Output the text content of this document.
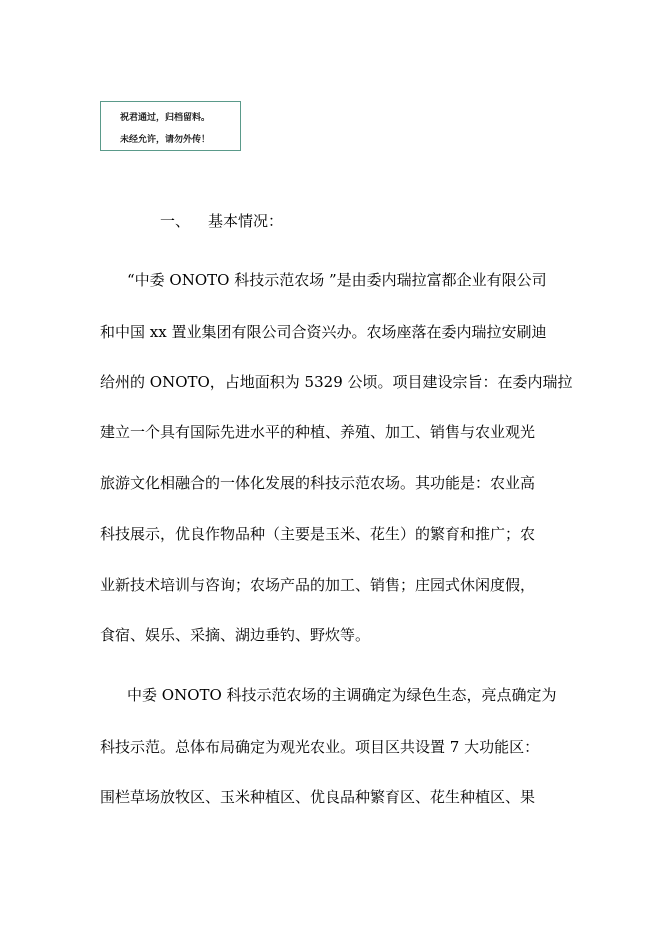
祝君通过，归档留料。
未经允许，请勿外传！
一、 基本情况：
“中委 ONOTO 科技示范农场 ”是由委内瑞拉富都企业有限公司
和中国 xx 置业集团有限公司合资兴办。农场座落在委内瑞拉安刷迪
给州的 ONOTO，占地面积为 5329 公顷。项目建设宗旨：在委内瑞拉
建立一个具有国际先进水平的种植、养殖、加工、销售与农业观光
旅游文化相融合的一体化发展的科技示范农场。其功能是：农业高
科技展示，优良作物品种（主要是玉米、花生）的繁育和推广；农
业新技术培训与咨询；农场产品的加工、销售；庄园式休闲度假，
食宿、娱乐、采摘、湖边垂钓、野炊等。
中委 ONOTO 科技示范农场的主调确定为绿色生态，亮点确定为
科技示范。总体布局确定为观光农业。项目区共设置 7 大功能区：
围栏草场放牧区、玉米种植区、优良品种繁育区、花生种植区、果
